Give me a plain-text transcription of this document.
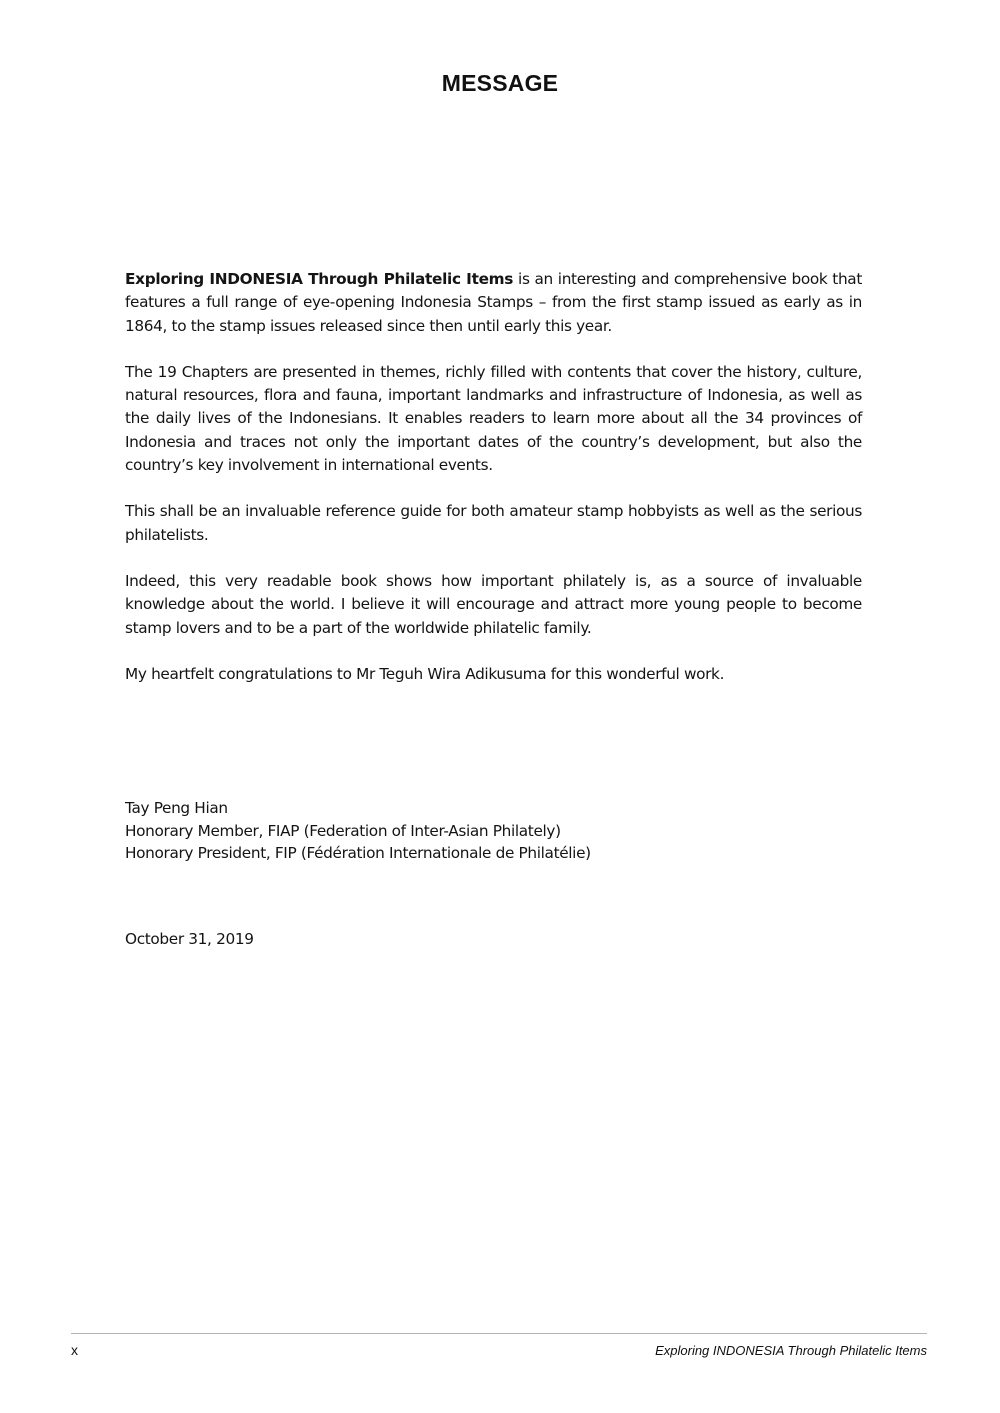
MESSAGE

Exploring INDONESIA Through Philatelic Items is an interesting and comprehensive book that features a full range of eye-opening Indonesia Stamps – from the first stamp issued as early as in 1864, to the stamp issues released since then until early this year.

The 19 Chapters are presented in themes, richly filled with contents that cover the history, culture, natural resources, flora and fauna, important landmarks and infrastructure of Indonesia, as well as the daily lives of the Indonesians. It enables readers to learn more about all the 34 provinces of Indonesia and traces not only the important dates of the country’s development, but also the country’s key involvement in international events.

This shall be an invaluable reference guide for both amateur stamp hobbyists as well as the serious philatelists.

Indeed, this very readable book shows how important philately is, as a source of invaluable knowledge about the world. I believe it will encourage and attract more young people to become stamp lovers and to be a part of the worldwide philatelic family.

My heartfelt congratulations to Mr Teguh Wira Adikusuma for this wonderful work.

Tay Peng Hian
Honorary Member, FIAP (Federation of Inter-Asian Philately)
Honorary President, FIP (Fédération Internationale de Philatélie)
October 31, 2019
x	Exploring INDONESIA Through Philatelic Items
